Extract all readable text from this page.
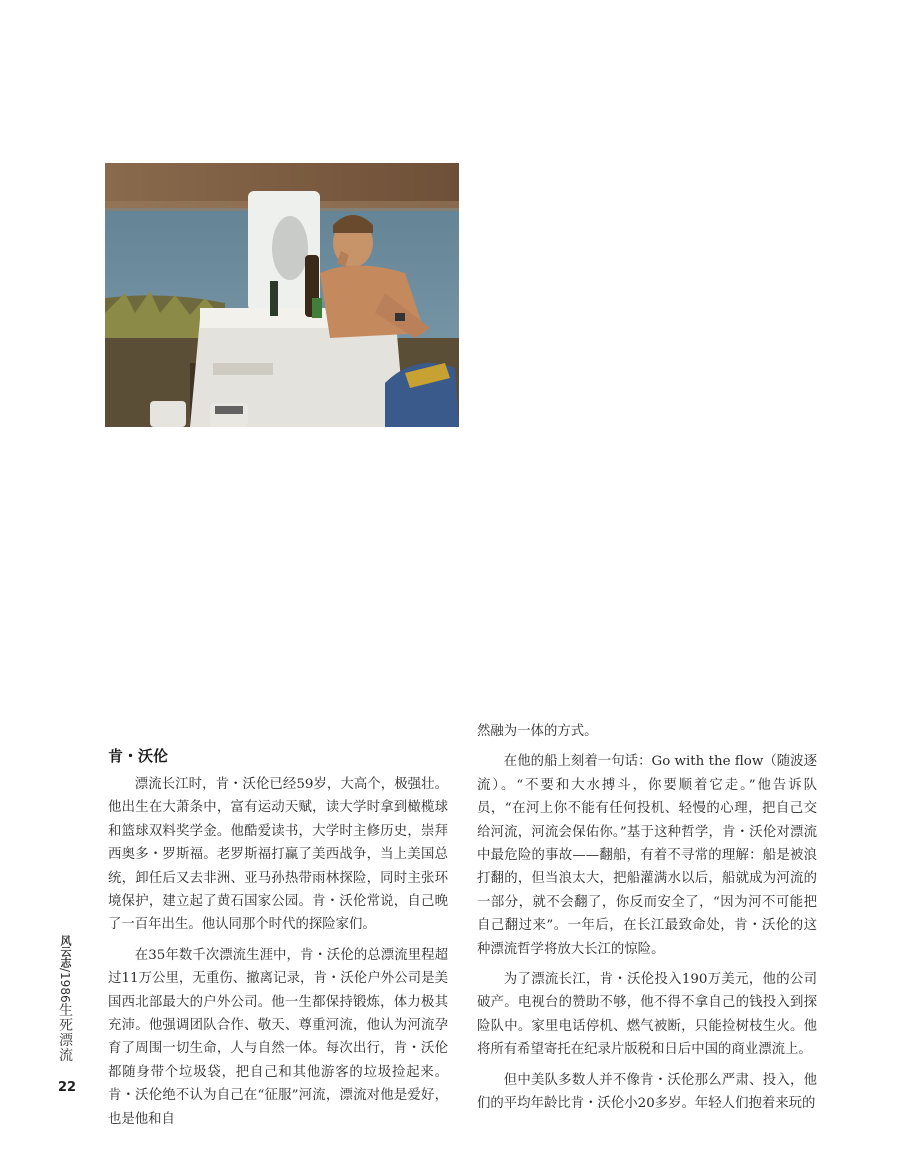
肯・沃伦

漂流长江时，肯・沃伦已经59岁，大高个，极强壮。他出生在大萧条中，富有运动天赋，读大学时拿到橄榄球和篮球双料奖学金。他酷爱读书，大学时主修历史，崇拜西奥多・罗斯福。老罗斯福打赢了美西战争，当上美国总统，卸任后又去非洲、亚马孙热带雨林探险，同时主张环境保护，建立起了黄石国家公园。肯・沃伦常说，自己晚了一百年出生。他认同那个时代的探险家们。

在35年数千次漂流生涯中，肯・沃伦的总漂流里程超过11万公里，无重伤、撤离记录，肯・沃伦户外公司是美国西北部最大的户外公司。他一生都保持锻炼，体力极其充沛。他强调团队合作、敬天、尊重河流，他认为河流孕育了周围一切生命，人与自然一体。每次出行，肯・沃伦都随身带个垃圾袋，把自己和其他游客的垃圾捡起来。肯・沃伦绝不认为自己在“征服”河流，漂流对他是爱好，也是他和自

然融为一体的方式。

在他的船上刻着一句话：Go with the flow（随波逐流）。“不要和大水搏斗，你要顺着它走。”他告诉队员，“在河上你不能有任何投机、轻慢的心理，把自己交给河流，河流会保佑你。”基于这种哲学，肯・沃伦对漂流中最危险的事故——翻船，有着不寻常的理解：船是被浪打翻的，但当浪太大，把船灌满水以后，船就成为河流的一部分，就不会翻了，你反而安全了，“因为河不可能把自己翻过来”。一年后，在长江最致命处，肯・沃伦的这种漂流哲学将放大长江的惊险。

为了漂流长江，肯・沃伦投入190万美元，他的公司破产。电视台的赞助不够，他不得不拿自己的钱投入到探险队中。家里电话停机、燃气被断，只能捡树枝生火。他将所有希望寄托在纪录片版税和日后中国的商业漂流上。

但中美队多数人并不像肯・沃伦那么严肃、投入，他们的平均年龄比肯・沃伦小20多岁。年轻人们抱着来玩的

风云志/1986生死漂流
22
